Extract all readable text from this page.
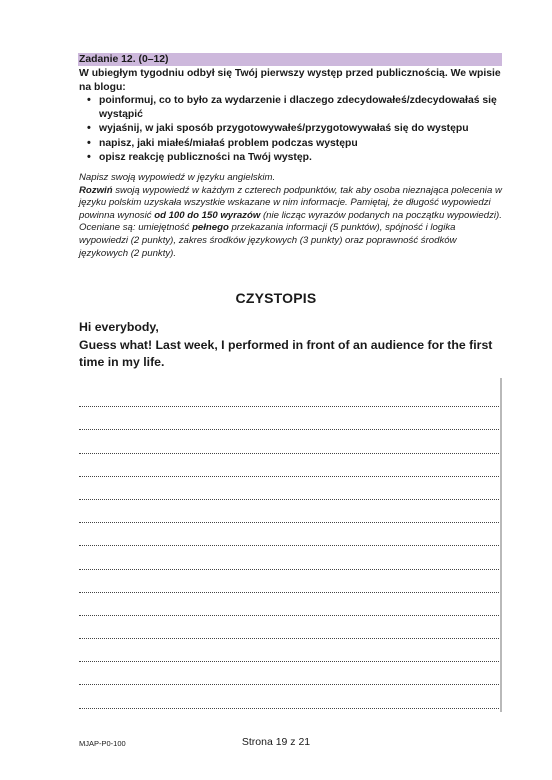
Zadanie 12. (0–12)
W ubiegłym tygodniu odbył się Twój pierwszy występ przed publicznością. We wpisie na blogu:
• poinformuj, co to było za wydarzenie i dlaczego zdecydowałeś/zdecydowałaś się wystąpić
• wyjaśnij, w jaki sposób przygotowywałeś/przygotowywałaś się do występu
• napisz, jaki miałeś/miałaś problem podczas występu
• opisz reakcję publiczności na Twój występ.

Napisz swoją wypowiedź w języku angielskim.

Rozwiń swoją wypowiedź w każdym z czterech podpunktów, tak aby osoba nieznająca polecenia w języku polskim uzyskała wszystkie wskazane w nim informacje. Pamiętaj, że długość wypowiedzi powinna wynosić od 100 do 150 wyrazów (nie licząc wyrazów podanych na początku wypowiedzi). Oceniane są: umiejętność pełnego przekazania informacji (5 punktów), spójność i logika wypowiedzi (2 punkty), zakres środków językowych (3 punkty) oraz poprawność środków językowych (2 punkty).

CZYSTOPIS

Hi everybody,

Guess what! Last week, I performed in front of an audience for the first time in my life.

MJAP-P0-100	Strona 19 z 21
